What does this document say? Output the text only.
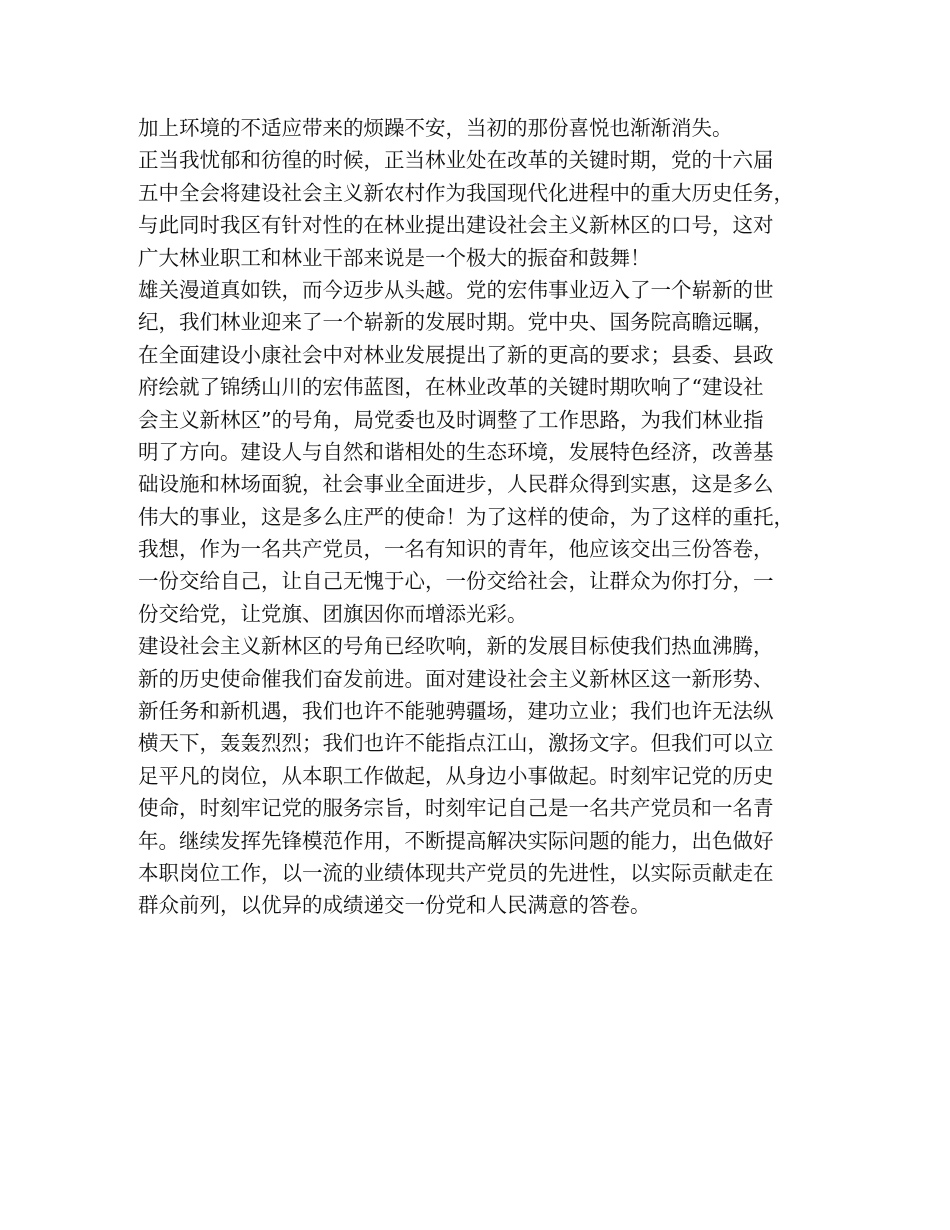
加上环境的不适应带来的烦躁不安，当初的那份喜悦也渐渐消失。

正当我忧郁和彷徨的时候，正当林业处在改革的关键时期，党的十六届

五中全会将建设社会主义新农村作为我国现代化进程中的重大历史任务，

与此同时我区有针对性的在林业提出建设社会主义新林区的口号，这对

广大林业职工和林业干部来说是一个极大的振奋和鼓舞！

雄关漫道真如铁，而今迈步从头越。党的宏伟事业迈入了一个崭新的世

纪，我们林业迎来了一个崭新的发展时期。党中央、国务院高瞻远瞩，

在全面建设小康社会中对林业发展提出了新的更高的要求；县委、县政

府绘就了锦绣山川的宏伟蓝图，在林业改革的关键时期吹响了“建设社

会主义新林区”的号角，局党委也及时调整了工作思路，为我们林业指

明了方向。建设人与自然和谐相处的生态环境，发展特色经济，改善基

础设施和林场面貌，社会事业全面进步，人民群众得到实惠，这是多么

伟大的事业，这是多么庄严的使命！为了这样的使命，为了这样的重托，

我想，作为一名共产党员，一名有知识的青年，他应该交出三份答卷，

一份交给自己，让自己无愧于心，一份交给社会，让群众为你打分，一

份交给党，让党旗、团旗因你而增添光彩。

建设社会主义新林区的号角已经吹响，新的发展目标使我们热血沸腾，

新的历史使命催我们奋发前进。面对建设社会主义新林区这一新形势、

新任务和新机遇，我们也许不能驰骋疆场，建功立业；我们也许无法纵

横天下，轰轰烈烈；我们也许不能指点江山，激扬文字。但我们可以立

足平凡的岗位，从本职工作做起，从身边小事做起。时刻牢记党的历史

使命，时刻牢记党的服务宗旨，时刻牢记自己是一名共产党员和一名青

年。继续发挥先锋模范作用，不断提高解决实际问题的能力，出色做好

本职岗位工作，以一流的业绩体现共产党员的先进性，以实际贡献走在

群众前列，以优异的成绩递交一份党和人民满意的答卷。
